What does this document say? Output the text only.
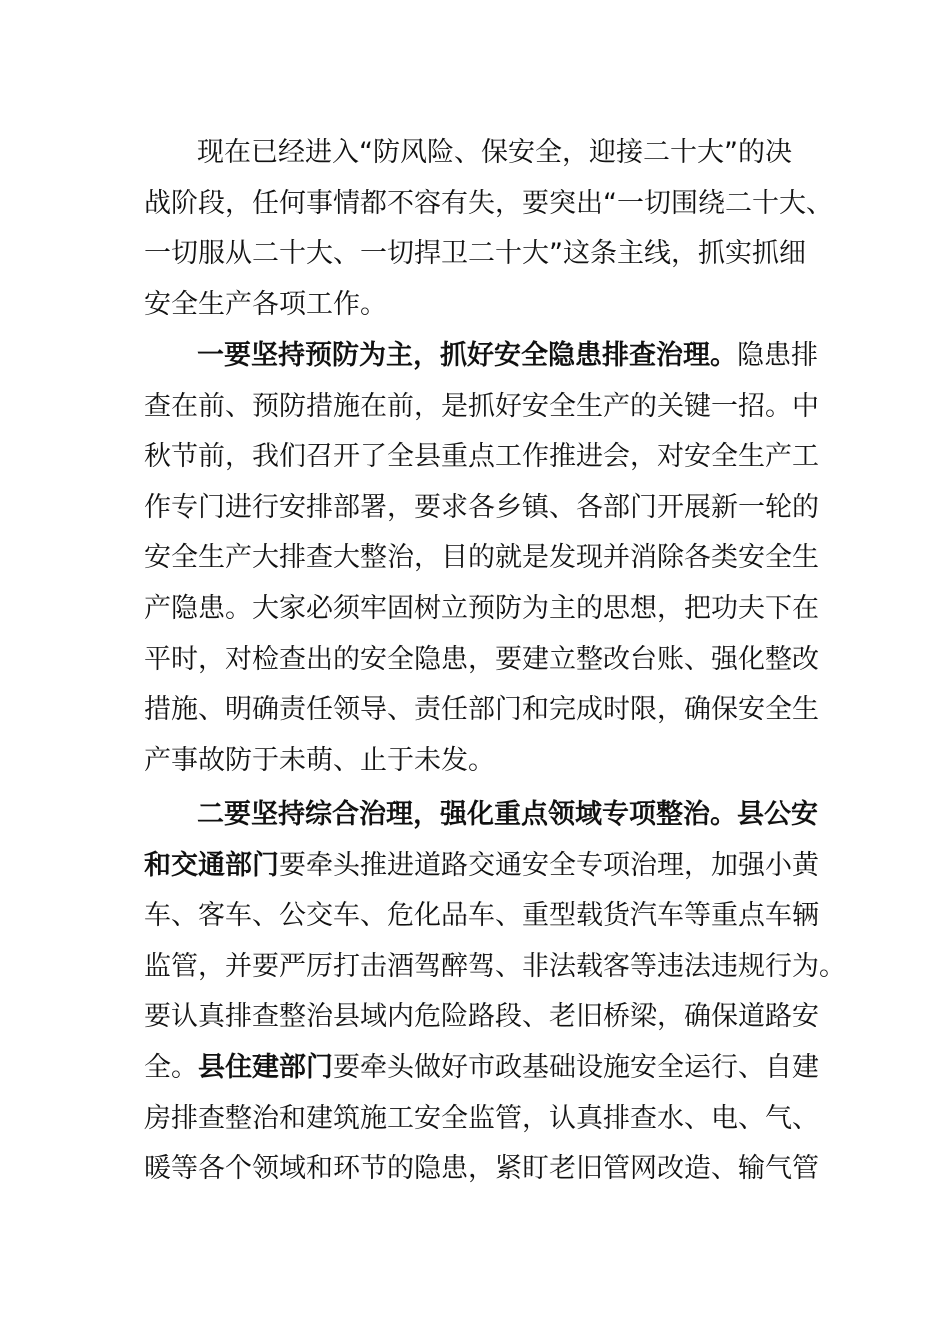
现在已经进入“防风险、保安全，迎接二十大”的决
战阶段，任何事情都不容有失，要突出“一切围绕二十大、
一切服从二十大、一切捍卫二十大”这条主线，抓实抓细
安全生产各项工作。
一要坚持预防为主，抓好安全隐患排查治理。隐患排
查在前、预防措施在前，是抓好安全生产的关键一招。中
秋节前，我们召开了全县重点工作推进会，对安全生产工
作专门进行安排部署，要求各乡镇、各部门开展新一轮的
安全生产大排查大整治，目的就是发现并消除各类安全生
产隐患。大家必须牢固树立预防为主的思想，把功夫下在
平时，对检查出的安全隐患，要建立整改台账、强化整改
措施、明确责任领导、责任部门和完成时限，确保安全生
产事故防于未萌、止于未发。
二要坚持综合治理，强化重点领域专项整治。县公安
和交通部门要牵头推进道路交通安全专项治理，加强小黄
车、客车、公交车、危化品车、重型载货汽车等重点车辆
监管，并要严厉打击酒驾醉驾、非法载客等违法违规行为。
要认真排查整治县域内危险路段、老旧桥梁，确保道路安
全。县住建部门要牵头做好市政基础设施安全运行、自建
房排查整治和建筑施工安全监管，认真排查水、电、气、
暖等各个领域和环节的隐患，紧盯老旧管网改造、输气管
